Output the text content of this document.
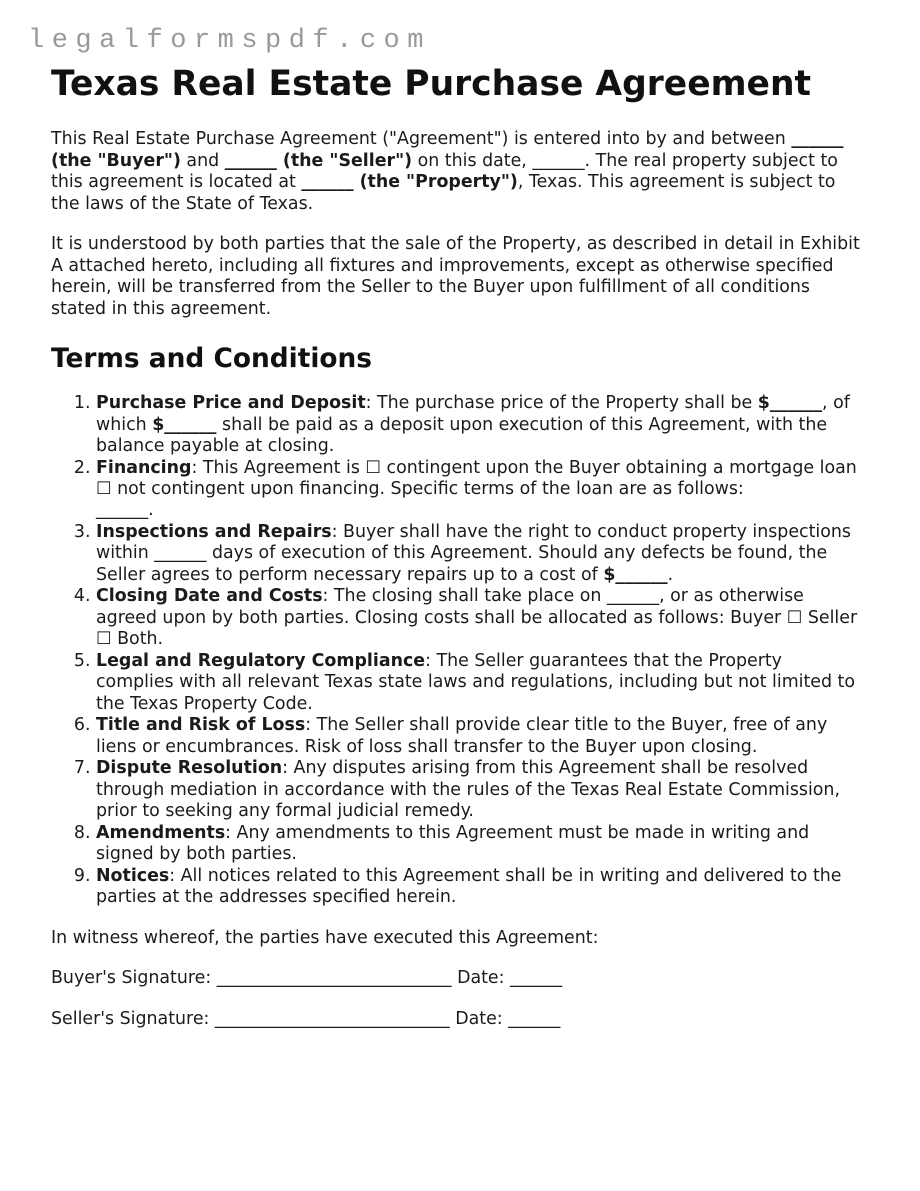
legalformspdf.com
Texas Real Estate Purchase Agreement

This Real Estate Purchase Agreement ("Agreement") is entered into by and between ______ (the "Buyer") and ______ (the "Seller") on this date, ______. The real property subject to this agreement is located at ______ (the "Property"), Texas. This agreement is subject to the laws of the State of Texas.

It is understood by both parties that the sale of the Property, as described in detail in Exhibit A attached hereto, including all fixtures and improvements, except as otherwise specified herein, will be transferred from the Seller to the Buyer upon fulfillment of all conditions stated in this agreement.

Terms and Conditions
1. Purchase Price and Deposit: The purchase price of the Property shall be $______, of which $______ shall be paid as a deposit upon execution of this Agreement, with the balance payable at closing.
2. Financing: This Agreement is ☐ contingent upon the Buyer obtaining a mortgage loan ☐ not contingent upon financing. Specific terms of the loan are as follows:
______.
3. Inspections and Repairs: Buyer shall have the right to conduct property inspections within ______ days of execution of this Agreement. Should any defects be found, the Seller agrees to perform necessary repairs up to a cost of $______.
4. Closing Date and Costs: The closing shall take place on ______, or as otherwise agreed upon by both parties. Closing costs shall be allocated as follows: Buyer ☐ Seller ☐ Both.
5. Legal and Regulatory Compliance: The Seller guarantees that the Property complies with all relevant Texas state laws and regulations, including but not limited to the Texas Property Code.
6. Title and Risk of Loss: The Seller shall provide clear title to the Buyer, free of any liens or encumbrances. Risk of loss shall transfer to the Buyer upon closing.
7. Dispute Resolution: Any disputes arising from this Agreement shall be resolved through mediation in accordance with the rules of the Texas Real Estate Commission, prior to seeking any formal judicial remedy.
8. Amendments: Any amendments to this Agreement must be made in writing and signed by both parties.
9. Notices: All notices related to this Agreement shall be in writing and delivered to the parties at the addresses specified herein.

In witness whereof, the parties have executed this Agreement:

Buyer's Signature: ___________________________ Date: ______

Seller's Signature: ___________________________ Date: ______
